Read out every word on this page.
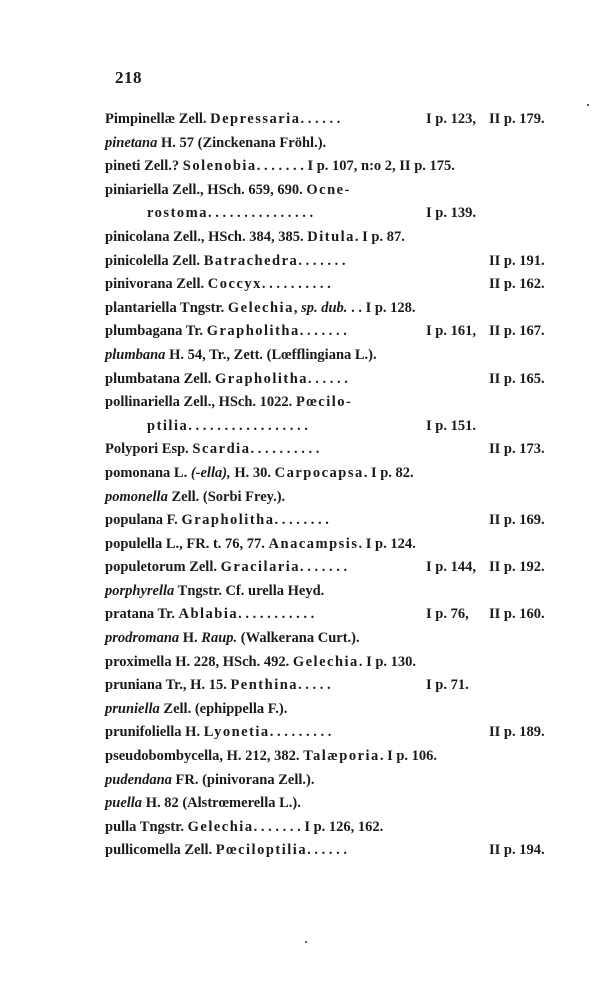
218
Pimpinellæ Zell. Depressaria. . . . . .	I p. 123, II p. 179.
pinetana H. 57 (Zinckenana Fröhl.).
pineti Zell.? Solenobia. . . . . . . I p. 107, n:o 2, II p. 175.
piniariella Zell., HSch. 659, 690. Ocne-
rostoma. . . . . . . . . . . . . . .	I p. 139.
pinicolana Zell., HSch. 384, 385. Ditula. I p. 87.
pinicolella Zell. Batrachedra. . . . . . .	II p. 191.
pinivorana Zell. Coccyx. . . . . . . . . .	II p. 162.
plantariella Tngstr. Gelechia, sp. dub. . . I p. 128.
plumbagana Tr. Grapholitha. . . . . . .	I p. 161, II p. 167.
plumbana H. 54, Tr., Zett. (Lœfflingiana L.).
plumbatana Zell. Grapholitha. . . . . .	II p. 165.
pollinariella Zell., HSch. 1022. Pœcilo-
ptilia. . . . . . . . . . . . . . . . .	I p. 151.
Polypori Esp. Scardia. . . . . . . . . .	II p. 173.
pomonana L. (-ella), H. 30. Carpocapsa. I p. 82.
pomonella Zell. (Sorbi Frey.).
populana F. Grapholitha. . . . . . . .	II p. 169.
populella L., FR. t. 76, 77. Anacampsis. I p. 124.
populetorum Zell. Gracilaria. . . . . . .	I p. 144, II p. 192.
porphyrella Tngstr. Cf. urella Heyd.
pratana Tr. Ablabia. . . . . . . . . . .	I p. 76, II p. 160.
prodromana H. Raup. (Walkerana Curt.).
proximella H. 228, HSch. 492. Gelechia. I p. 130.
pruniana Tr., H. 15. Penthina. . . . .	I p. 71.
pruniella Zell. (ephippella F.).
prunifoliella H. Lyonetia. . . . . . . . .	II p. 189.
pseudobombycella, H. 212, 382. Talæporia. I p. 106.
pudendana FR. (pinivorana Zell.).
puella H. 82 (Alstrœmerella L.).
pulla Tngstr. Gelechia. . . . . . . I p. 126, 162.
pullicomella Zell. Pœciloptilia. . . . . .	II p. 194.
